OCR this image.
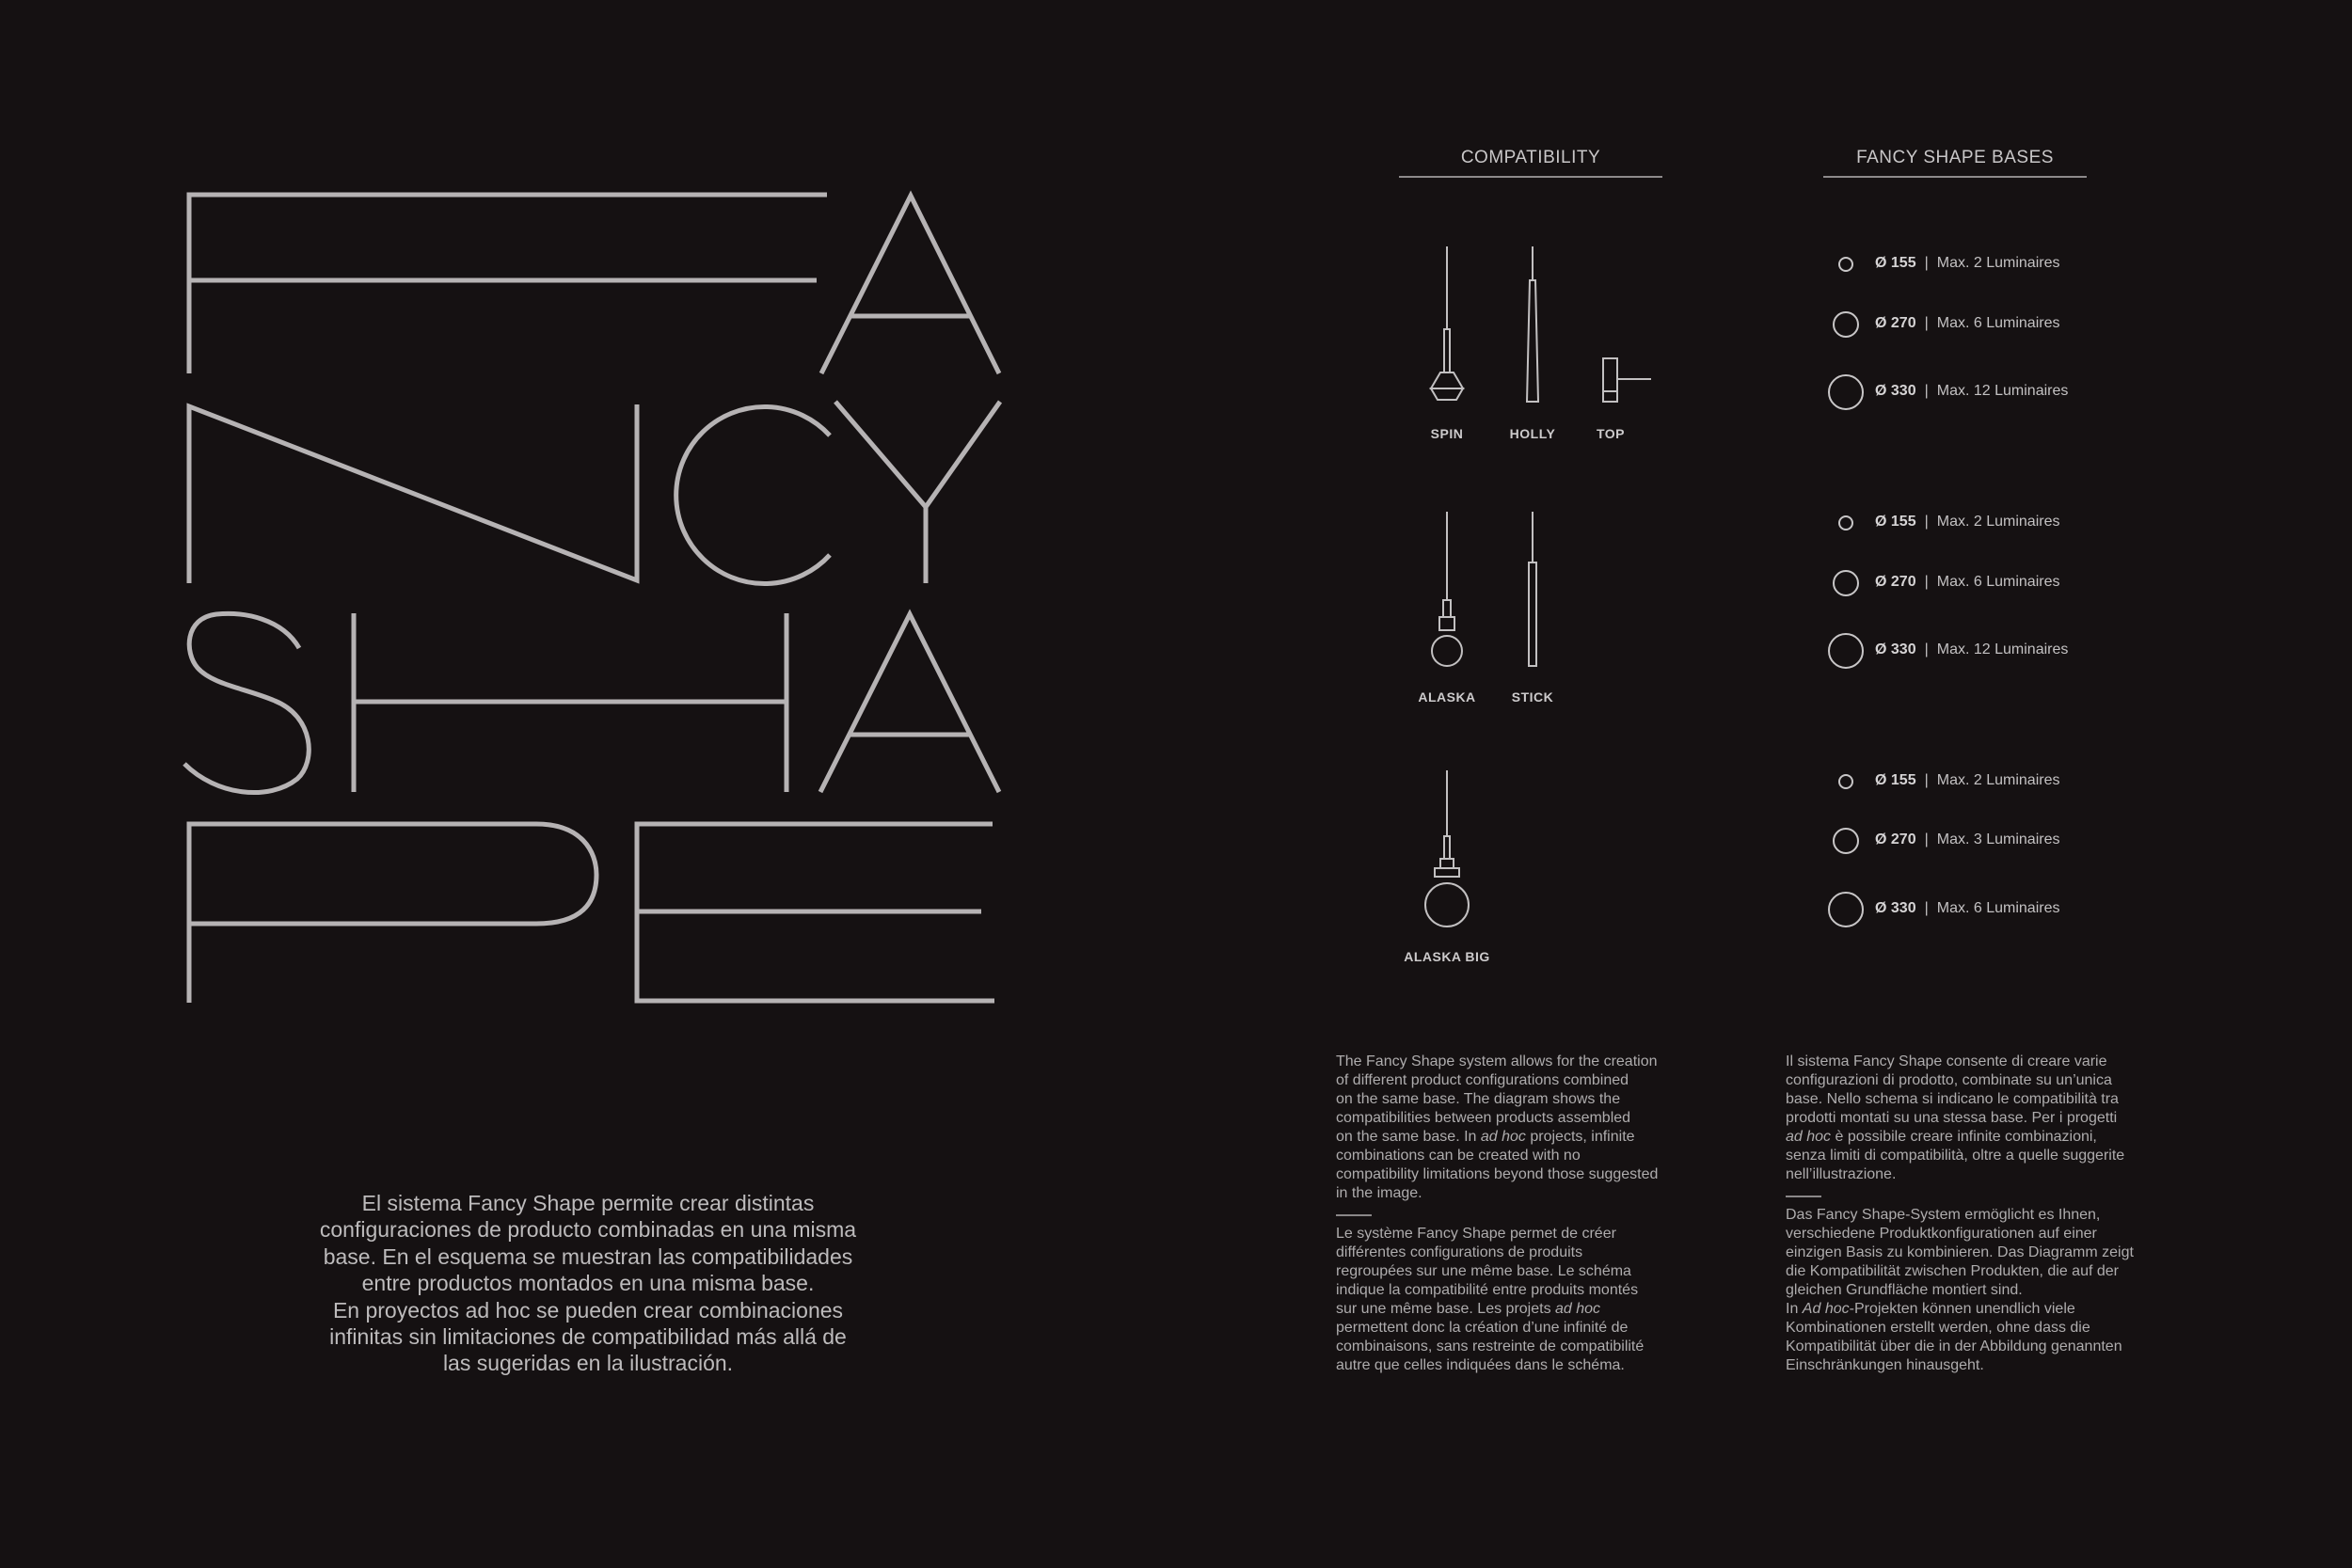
El sistema Fancy Shape permite crear distintas
configuraciones de producto combinadas en una misma
base. En el esquema se muestran las compatibilidades
entre productos montados en una misma base.
En proyectos ad hoc se pueden crear combinaciones
infinitas sin limitaciones de compatibilidad más allá de
las sugeridas en la ilustración.
COMPATIBILITY	FANCY SHAPE BASES
SPIN	HOLLY	TOP
ALASKA	STICK
ALASKA BIG
Ø 155 | Max. 2 Luminaires
Ø 270 | Max. 6 Luminaires
Ø 330 | Max. 12 Luminaires
Ø 155 | Max. 2 Luminaires
Ø 270 | Max. 6 Luminaires
Ø 330 | Max. 12 Luminaires
Ø 155 | Max. 2 Luminaires
Ø 270 | Max. 3 Luminaires
Ø 330 | Max. 6 Luminaires
The Fancy Shape system allows for the creation
of different product configurations combined
on the same base. The diagram shows the
compatibilities between products assembled
on the same base. In ad hoc projects, infinite
combinations can be created with no
compatibility limitations beyond those suggested
in the image.
Le système Fancy Shape permet de créer
différentes configurations de produits
regroupées sur une même base. Le schéma
indique la compatibilité entre produits montés
sur une même base. Les projets ad hoc
permettent donc la création d’une infinité de
combinaisons, sans restreinte de compatibilité
autre que celles indiquées dans le schéma.
Il sistema Fancy Shape consente di creare varie
configurazioni di prodotto, combinate su un’unica
base. Nello schema si indicano le compatibilità tra
prodotti montati su una stessa base. Per i progetti
ad hoc è possibile creare infinite combinazioni,
senza limiti di compatibilità, oltre a quelle suggerite
nell’illustrazione.
Das Fancy Shape-System ermöglicht es Ihnen,
verschiedene Produktkonfigurationen auf einer
einzigen Basis zu kombinieren. Das Diagramm zeigt
die Kompatibilität zwischen Produkten, die auf der
gleichen Grundfläche montiert sind.
In Ad hoc-Projekten können unendlich viele
Kombinationen erstellt werden, ohne dass die
Kompatibilität über die in der Abbildung genannten
Einschränkungen hinausgeht.
